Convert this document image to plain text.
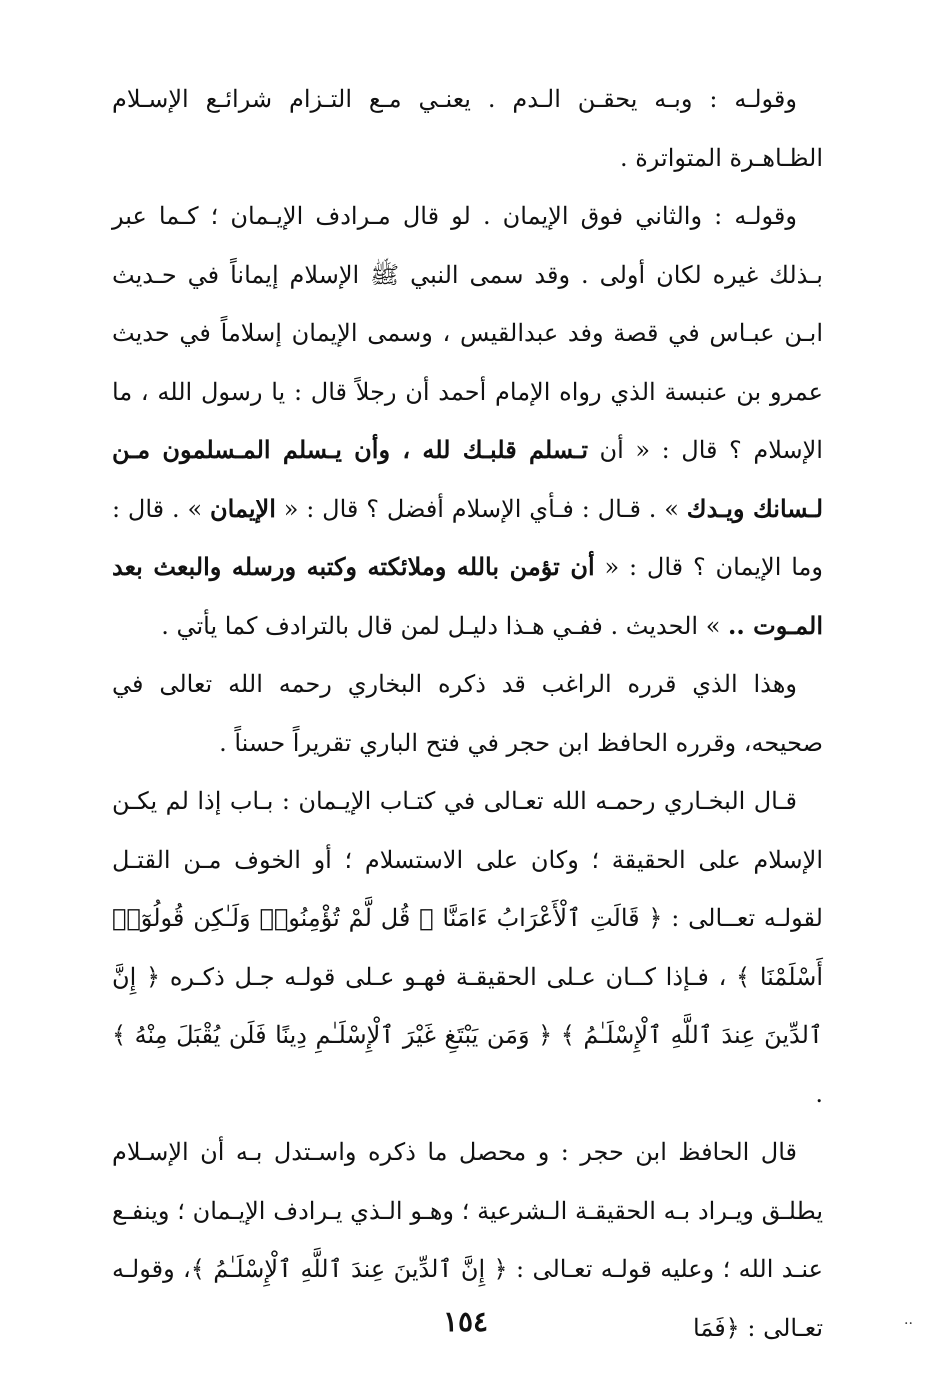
وقولـه : وبـه يحقـن الـدم . يعنـي مـع التـزام شرائـع الإسـلام الظـاهـرة المتواترة .

وقولـه : والثاني فوق الإيمان . لو قال مـرادف الإيـمان ؛ كـما عبر بـذلك غيره لكان أولى . وقد سمى النبي ﷺ الإسلام إيماناً في حـديث ابـن عبـاس في قصة وفد عبدالقيس ، وسمى الإيمان إسلاماً في حديث عمرو بن عنبسة الذي رواه الإمام أحمد أن رجلاً قال : يا رسول الله ، ما الإسلام ؟ قال : « أن تـسلم قلبـك لله ، وأن يـسلم المـسلمون مـن لـسانك ويـدك » . قـال : فـأي الإسلام أفضل ؟ قال : « الإيمان » . قال : وما الإيمان ؟ قال : « أن تؤمن بالله وملائكته وكتبه ورسله والبعث بعد المـوت .. » الحديث . ففـي هـذا دليـل لمن قال بالترادف كما يأتي .

وهذا الذي قرره الراغب قد ذكره البخاري رحمه الله تعالى في صحيحه، وقرره الحافظ ابن حجر في فتح الباري تقريراً حسناً .

قـال البخـاري رحمـه الله تعـالى في كتـاب الإيـمان : بـاب إذا لم يكـن الإسلام على الحقيقة ؛ وكان على الاستسلام ؛ أو الخوف مـن القتـل لقولـه تعــالى : ﴿ قَالَتِ ٱلْأَعْرَابُ ءَامَنَّا ۖ قُل لَّمْ تُؤْمِنُوا۟ وَلَـٰكِن قُولُوٓا۟ أَسْلَمْنَا ﴾ ، فـإذا كــان عـلى الحقيقـة فهـو عـلى قولـه جـل ذكـره ﴿ إِنَّ ٱلدِّينَ عِندَ ٱللَّهِ ٱلْإِسْلَـٰمُ ﴾ ﴿ وَمَن يَبْتَغِ غَيْرَ ٱلْإِسْلَـٰمِ دِينًا فَلَن يُقْبَلَ مِنْهُ ﴾ .

قال الحافظ ابن حجر : و محصل ما ذكره واسـتدل بـه أن الإسـلام يطلـق ويـراد بـه الحقيقـة الـشرعية ؛ وهـو الـذي يـرادف الإيـمان ؛ وينفـع عنـد الله ؛ وعليه قولـه تعـالى : ﴿ إِنَّ ٱلدِّينَ عِندَ ٱللَّهِ ٱلْإِسْلَـٰمُ ﴾، وقولـه تعـالى : ﴿فَمَا

١٥٤	..
